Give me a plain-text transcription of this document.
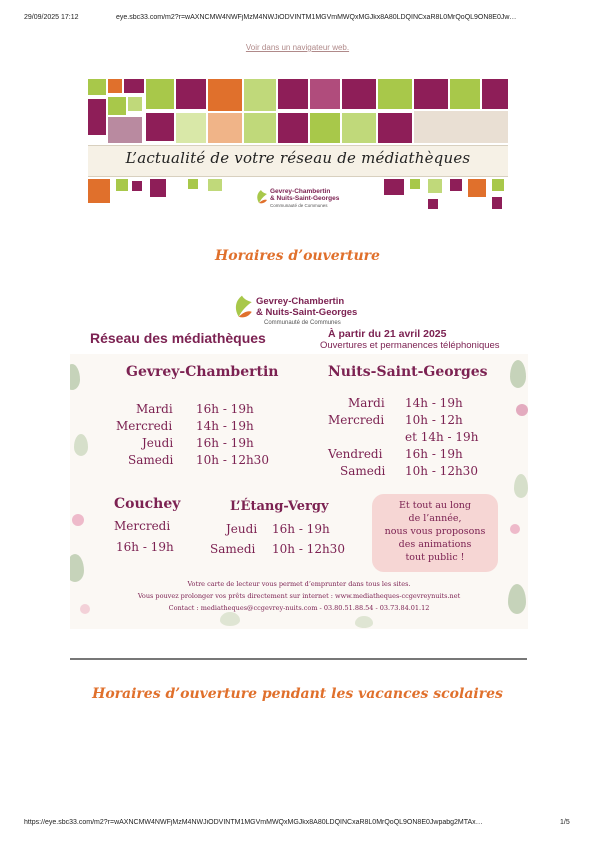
29/09/2025 17:12	eye.sbc33.com/m2?r=wAXNCMW4NWFjMzM4NWJiODVINTM1MGVmMWQxMGJkx8A80LDQINCxaR8L0MrQoQL9ON8E0Jw…
Voir dans un navigateur web.
L’actualité de votre réseau de médiathèques
Gevrey-Chambertin
& Nuits-Saint-Georges
Communauté de Communes
Horaires d’ouverture
Gevrey-Chambertin
& Nuits-Saint-Georges
Communauté de Communes
Réseau des médiathèques	À partir du 21 avril 2025
Ouvertures et permanences téléphoniques
Gevrey-Chambertin
Mardi 16h - 19h
Mercredi 14h - 19h
Jeudi 16h - 19h
Samedi 10h - 12h30
Nuits-Saint-Georges
Mardi 14h - 19h
Mercredi 10h - 12h
et 14h - 19h
Vendredi 16h - 19h
Samedi 10h - 12h30
Couchey
Mercredi
16h - 19h
L’Étang-Vergy
Jeudi 16h - 19h
Samedi 10h - 12h30
Et tout au long
de l’année,
nous vous proposons
des animations
tout public !
Votre carte de lecteur vous permet d’emprunter dans tous les sites.
Vous pouvez prolonger vos prêts directement sur internet : www.mediatheques-ccgevreynuits.net
Contact : mediatheques@ccgevrey-nuits.com - 03.80.51.88.54 - 03.73.84.01.12
Horaires d’ouverture pendant les vacances scolaires
https://eye.sbc33.com/m2?r=wAXNCMW4NWFjMzM4NWJiODVINTM1MGVmMWQxMGJkx8A80LDQINCxaR8L0MrQoQL9ON8E0Jwpabg2MTAx…	1/5
